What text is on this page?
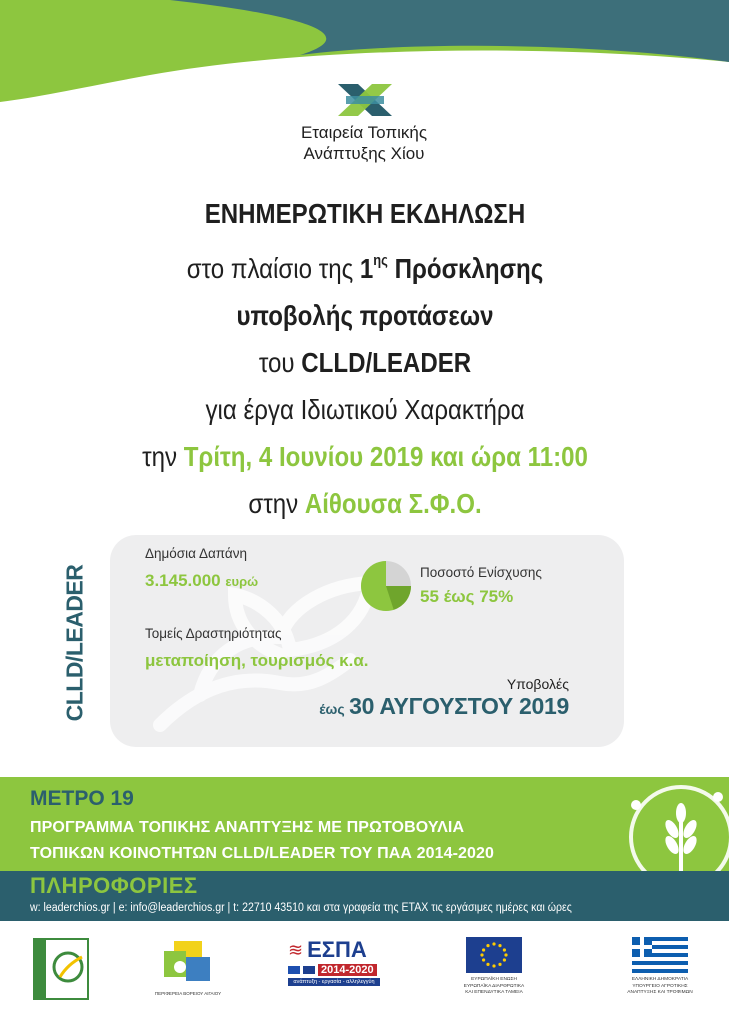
Εταιρεία Τοπικής
Ανάπτυξης Χίου
ΕΝΗΜΕΡΩΤΙΚΗ ΕΚΔΗΛΩΣΗ
στο πλαίσιο της $1^{\eta\varsigma}$ Πρόσκλησης
υποβολής προτάσεων
του CLLD/LEADER
για έργα Ιδιωτικού Χαρακτήρα
την Τρίτη, 4 Ιουνίου 2019 και ώρα 11:00
στην Αίθουσα Σ.Φ.Ο.
CLLD/LEADER
Δημόσια Δαπάνη
3.145.000 ευρώ
Ποσοστό Ενίσχυσης
55 έως 75%
Τομείς Δραστηριότητας
μεταποίηση, τουρισμός κ.α.
Υποβολές
έως 30 ΑΥΓΟΥΣΤΟΥ 2019
ΜΕΤΡΟ 19
ΠΡΟΓΡΑΜΜΑ ΤΟΠΙΚΗΣ ΑΝΑΠΤΥΞΗΣ ΜΕ ΠΡΩΤΟΒΟΥΛΙΑ
ΤΟΠΙΚΩΝ ΚΟΙΝΟΤΗΤΩΝ CLLD/LEADER ΤΟΥ ΠΑΑ 2014-2020
ΠΛΗΡΟΦΟΡΙΕΣ
w: leaderchios.gr | e: info@leaderchios.gr | t: 22710 43510 και στα γραφεία της ΕΤΑΧ τις εργάσιμες ημέρες και ώρες
LEADER
ΠΕΡΙΦΕΡΕΙΑ ΒΟΡΕΙΟΥ ΑΙΓΑΙΟΥ
≋ ΕΣΠΑ
2014-2020
ανάπτυξη - εργασία - αλληλεγγύη	ΕΥΡΩΠΑΪΚΗ ΕΝΩΣΗ
ΕΥΡΩΠΑΪΚΑ ΔΙΑΡΘΡΩΤΙΚΑ
ΚΑΙ ΕΠΕΝΔΥΤΙΚΑ ΤΑΜΕΙΑ
ΕΛΛΗΝΙΚΗ ΔΗΜΟΚΡΑΤΙΑ
ΥΠΟΥΡΓΕΙΟ ΑΓΡΟΤΙΚΗΣ
ΑΝΑΠΤΥΞΗΣ ΚΑΙ ΤΡΟΦΙΜΩΝ
